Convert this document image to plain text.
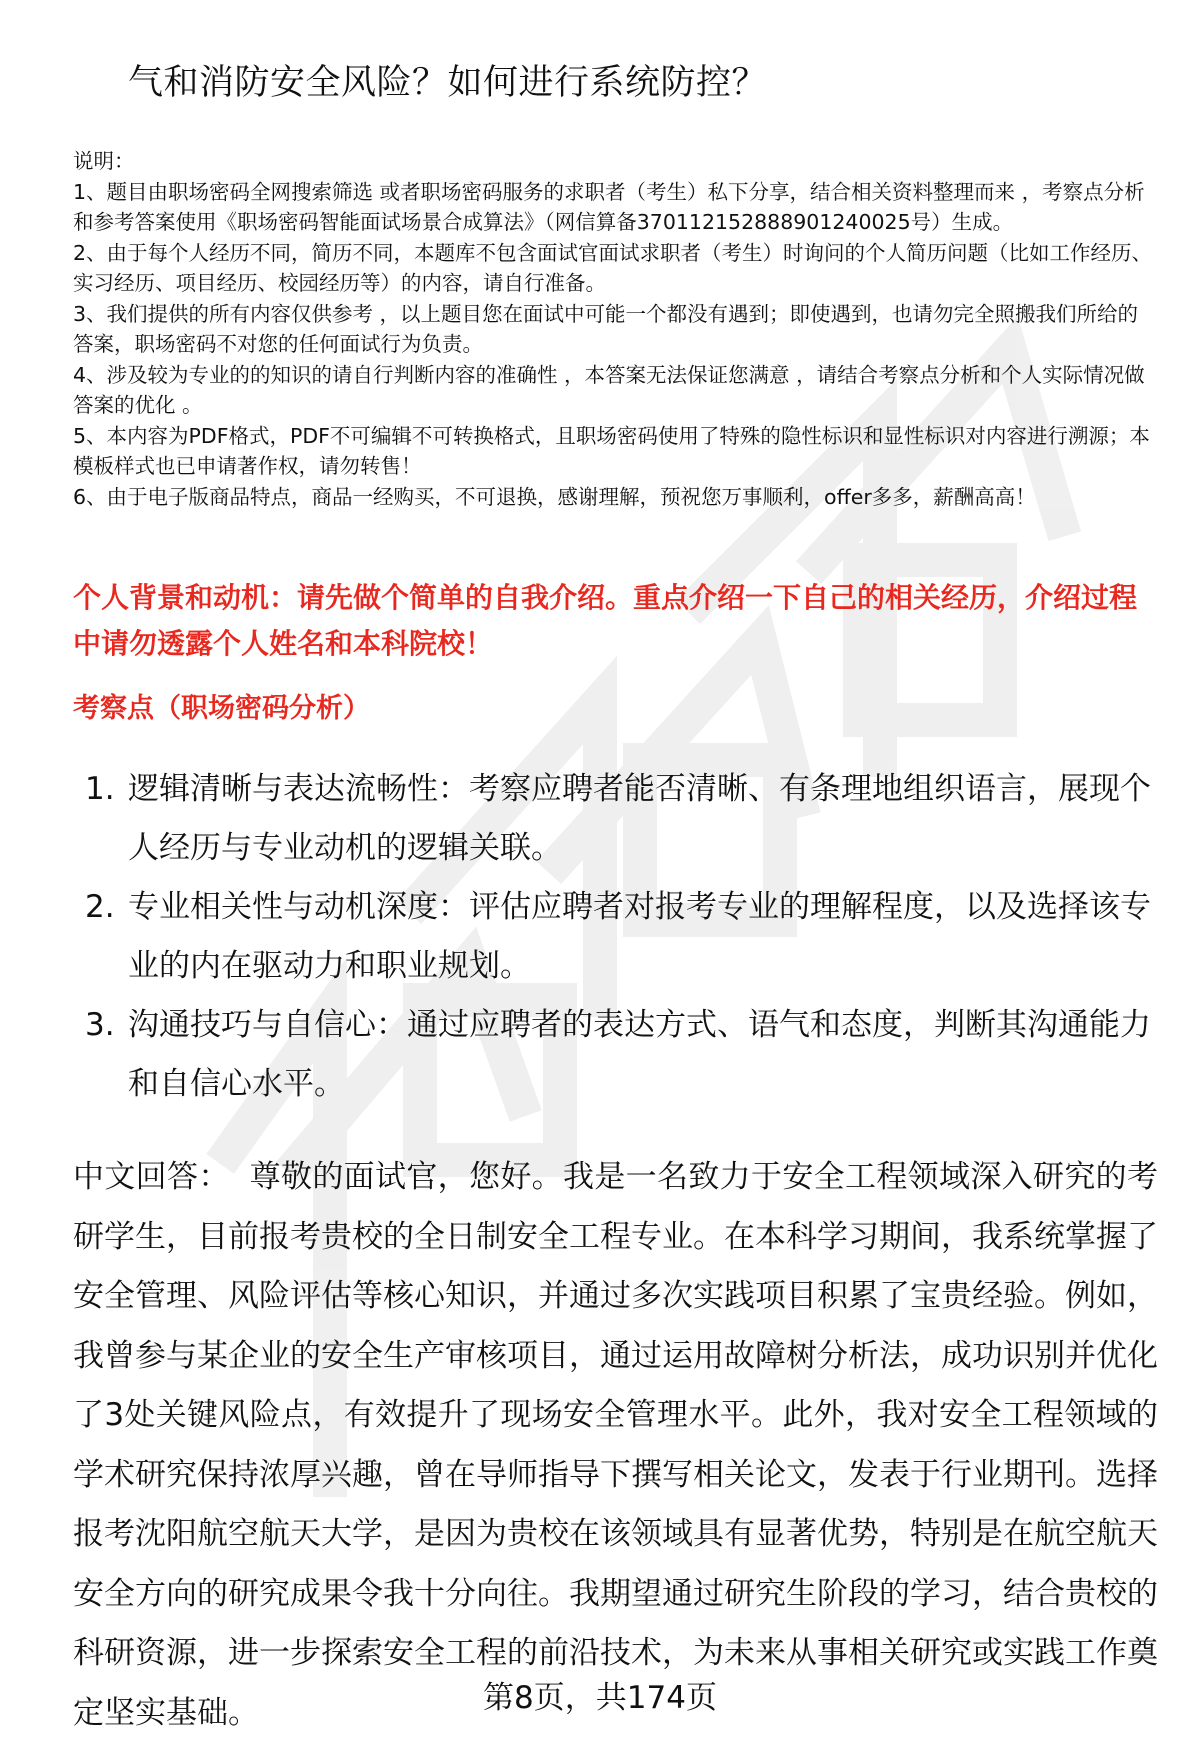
气和消防安全风险？如何进行系统防控？

说明：

1、题目由职场密码全网搜索筛选 或者职场密码服务的求职者（考生）私下分享，结合相关资料整理而来 ，考察点分析和参考答案使用《职场密码智能面试场景合成算法》（网信算备370112152888901240025号）生成。

2、由于每个人经历不同，简历不同，本题库不包含面试官面试求职者（考生）时询问的个人简历问题（比如工作经历、实习经历、项目经历、校园经历等）的内容，请自行准备。

3、我们提供的所有内容仅供参考 ，以上题目您在面试中可能一个都没有遇到；即使遇到，也请勿完全照搬我们所给的答案，职场密码不对您的任何面试行为负责。

4、涉及较为专业的的知识的请自行判断内容的准确性 ，本答案无法保证您满意 ，请结合考察点分析和个人实际情况做答案的优化 。

5、本内容为PDF格式，PDF不可编辑不可转换格式，且职场密码使用了特殊的隐性标识和显性标识对内容进行溯源；本模板样式也已申请著作权，请勿转售！

6、由于电子版商品特点，商品一经购买，不可退换，感谢理解，预祝您万事顺利，offer多多，薪酬高高！

个人背景和动机：请先做个简单的自我介绍。重点介绍一下自己的相关经历，介绍过程中请勿透露个人姓名和本科院校！
考察点（职场密码分析）
1. 逻辑清晰与表达流畅性：考察应聘者能否清晰、有条理地组织语言，展现个人经历与专业动机的逻辑关联。
2. 专业相关性与动机深度：评估应聘者对报考专业的理解程度，以及选择该专业的内在驱动力和职业规划。
3. 沟通技巧与自信心：通过应聘者的表达方式、语气和态度，判断其沟通能力和自信心水平。
中文回答： 尊敬的面试官，您好。我是一名致力于安全工程领域深入研究的考研学生，目前报考贵校的全日制安全工程专业。在本科学习期间，我系统掌握了安全管理、风险评估等核心知识，并通过多次实践项目积累了宝贵经验。例如，我曾参与某企业的安全生产审核项目，通过运用故障树分析法，成功识别并优化了3处关键风险点，有效提升了现场安全管理水平。此外，我对安全工程领域的学术研究保持浓厚兴趣，曾在导师指导下撰写相关论文，发表于行业期刊。选择报考沈阳航空航天大学，是因为贵校在该领域具有显著优势，特别是在航空航天安全方向的研究成果令我十分向往。我期望通过研究生阶段的学习，结合贵校的科研资源，进一步探索安全工程的前沿技术，为未来从事相关研究或实践工作奠定坚实基础。	第8页，共174页
